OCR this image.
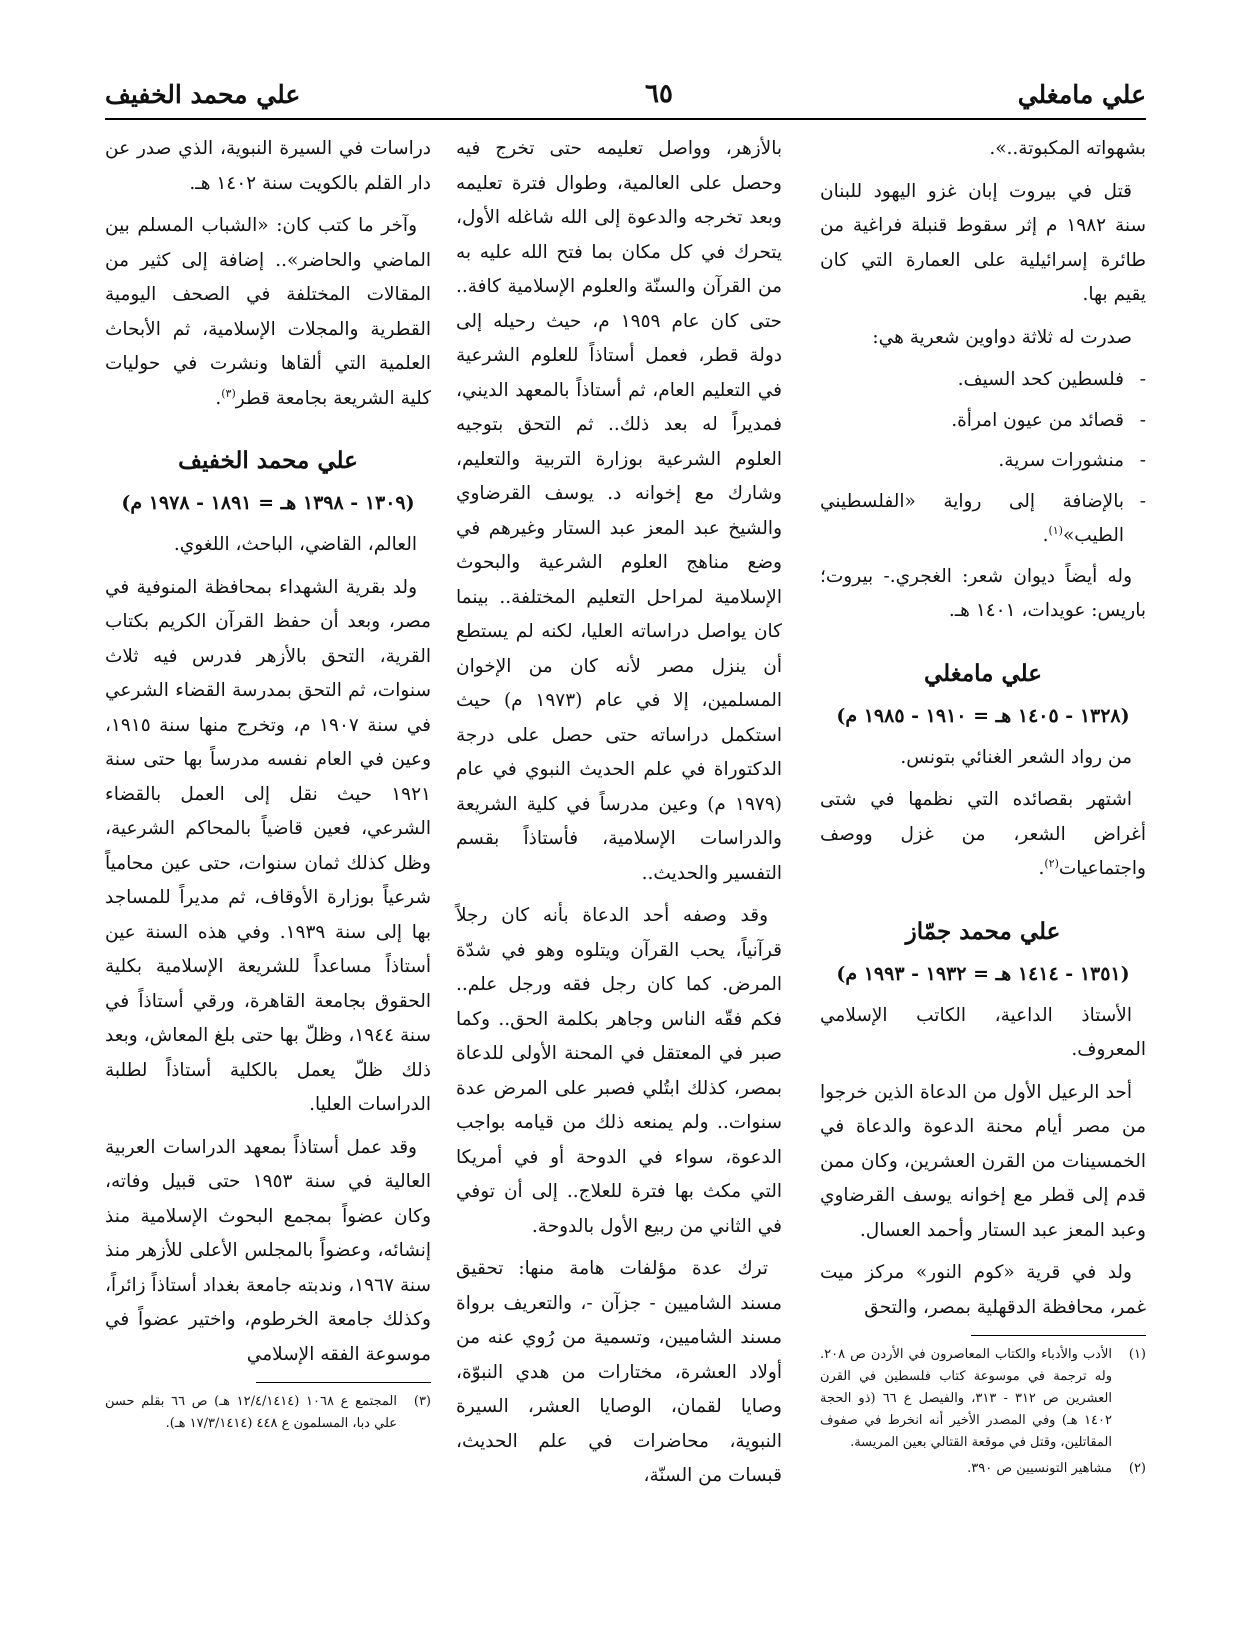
علي مامغلي
٦٥
علي محمد الخفيف

بشهواته المكبوتة..».

قتل في بيروت إبان غزو اليهود للبنان سنة ١٩٨٢ م إثر سقوط قنبلة فراغية من طائرة إسرائيلية على العمارة التي كان يقيم بها.

صدرت له ثلاثة دواوين شعرية هي:

-
فلسطين كحد السيف.
-
قصائد من عيون امرأة.
-
منشورات سرية.
-
بالإضافة إلى رواية «الفلسطيني الطيب»$^{(١)}$.

وله أيضاً ديوان شعر: الغجري.- بيروت؛ باريس: عويدات، ١٤٠١ هـ.

علي مامغلي
(١٣٢٨ - ١٤٠٥ هـ = ١٩١٠ - ١٩٨٥ م)

من رواد الشعر الغنائي بتونس.

اشتهر بقصائده التي نظمها في شتى أغراض الشعر، من غزل ووصف واجتماعيات$^{(٢)}$.

علي محمد جمّاز
(١٣٥١ - ١٤١٤ هـ = ١٩٣٢ - ١٩٩٣ م)

الأستاذ الداعية، الكاتب الإسلامي المعروف.

أحد الرعيل الأول من الدعاة الذين خرجوا من مصر أيام محنة الدعوة والدعاة في الخمسينات من القرن العشرين، وكان ممن قدم إلى قطر مع إخوانه يوسف القرضاوي وعبد المعز عبد الستار وأحمد العسال.

ولد في قرية «كوم النور» مركز ميت غمر، محافظة الدقهلية بمصر، والتحق

(١)
الأدب والأدباء والكتاب المعاصرون في الأردن ص ٢٠٨. وله ترجمة في موسوعة كتاب فلسطين في القرن العشرين ص ٣١٢ - ٣١٣، والفيصل ع ٦٦ (ذو الحجة ١٤٠٢ هـ) وفي المصدر الأخير أنه انخرط في صفوف المقاتلين، وقتل في موقعة القتالي بعين المريسة.
(٢)
مشاهير التونسيين ص ٣٩٠.

بالأزهر، وواصل تعليمه حتى تخرج فيه وحصل على العالمية، وطوال فترة تعليمه وبعد تخرجه والدعوة إلى الله شاغله الأول، يتحرك في كل مكان بما فتح الله عليه به من القرآن والسنّة والعلوم الإسلامية كافة.. حتى كان عام ١٩٥٩ م، حيث رحيله إلى دولة قطر، فعمل أستاذاً للعلوم الشرعية في التعليم العام، ثم أستاذاً بالمعهد الديني، فمديراً له بعد ذلك.. ثم التحق بتوجيه العلوم الشرعية بوزارة التربية والتعليم، وشارك مع إخوانه د. يوسف القرضاوي والشيخ عبد المعز عبد الستار وغيرهم في وضع مناهج العلوم الشرعية والبحوث الإسلامية لمراحل التعليم المختلفة.. بينما كان يواصل دراساته العليا، لكنه لم يستطع أن ينزل مصر لأنه كان من الإخوان المسلمين، إلا في عام (١٩٧٣ م) حيث استكمل دراساته حتى حصل على درجة الدكتوراة في علم الحديث النبوي في عام (١٩٧٩ م) وعين مدرساً في كلية الشريعة والدراسات الإسلامية، فأستاذاً بقسم التفسير والحديث..

وقد وصفه أحد الدعاة بأنه كان رجلاً قرآنياً، يحب القرآن ويتلوه وهو في شدّة المرض. كما كان رجل فقه ورجل علم.. فكم فقّه الناس وجاهر بكلمة الحق.. وكما صبر في المعتقل في المحنة الأولى للدعاة بمصر، كذلك ابتُلي فصبر على المرض عدة سنوات.. ولم يمنعه ذلك من قيامه بواجب الدعوة، سواء في الدوحة أو في أمريكا التي مكث بها فترة للعلاج.. إلى أن توفي في الثاني من ربيع الأول بالدوحة.

ترك عدة مؤلفات هامة منها: تحقيق مسند الشاميين - جزآن -، والتعريف برواة مسند الشاميين، وتسمية من رُوي عنه من أولاد العشرة، مختارات من هدي النبوّة، وصايا لقمان، الوصايا العشر، السيرة النبوية، محاضرات في علم الحديث، قبسات من السنّة،

دراسات في السيرة النبوية، الذي صدر عن دار القلم بالكويت سنة ١٤٠٢ هـ.

وآخر ما كتب كان: «الشباب المسلم بين الماضي والحاضر».. إضافة إلى كثير من المقالات المختلفة في الصحف اليومية القطرية والمجلات الإسلامية، ثم الأبحاث العلمية التي ألقاها ونشرت في حوليات كلية الشريعة بجامعة قطر$^{(٣)}$.

علي محمد الخفيف
(١٣٠٩ - ١٣٩٨ هـ = ١٨٩١ - ١٩٧٨ م)

العالم، القاضي، الباحث، اللغوي.

ولد بقرية الشهداء بمحافظة المنوفية في مصر، وبعد أن حفظ القرآن الكريم بكتاب القرية، التحق بالأزهر فدرس فيه ثلاث سنوات، ثم التحق بمدرسة القضاء الشرعي في سنة ١٩٠٧ م، وتخرج منها سنة ١٩١٥، وعين في العام نفسه مدرساً بها حتى سنة ١٩٢١ حيث نقل إلى العمل بالقضاء الشرعي، فعين قاضياً بالمحاكم الشرعية، وظل كذلك ثمان سنوات، حتى عين محامياً شرعياً بوزارة الأوقاف، ثم مديراً للمساجد بها إلى سنة ١٩٣٩. وفي هذه السنة عين أستاذاً مساعداً للشريعة الإسلامية بكلية الحقوق بجامعة القاهرة، ورقي أستاذاً في سنة ١٩٤٤، وظلّ بها حتى بلغ المعاش، وبعد ذلك ظلّ يعمل بالكلية أستاذاً لطلبة الدراسات العليا.

وقد عمل أستاذاً بمعهد الدراسات العربية العالية في سنة ١٩٥٣ حتى قبيل وفاته، وكان عضواً بمجمع البحوث الإسلامية منذ إنشائه، وعضواً بالمجلس الأعلى للأزهر منذ سنة ١٩٦٧، وندبته جامعة بغداد أستاذاً زائراً، وكذلك جامعة الخرطوم، واختير عضواً في موسوعة الفقه الإسلامي

(٣)
المجتمع ع ١٠٦٨ (١٢/٤/١٤١٤ هـ) ص ٦٦ بقلم حسن علي دبا، المسلمون ع ٤٤٨ (١٧/٣/١٤١٤ هـ).
